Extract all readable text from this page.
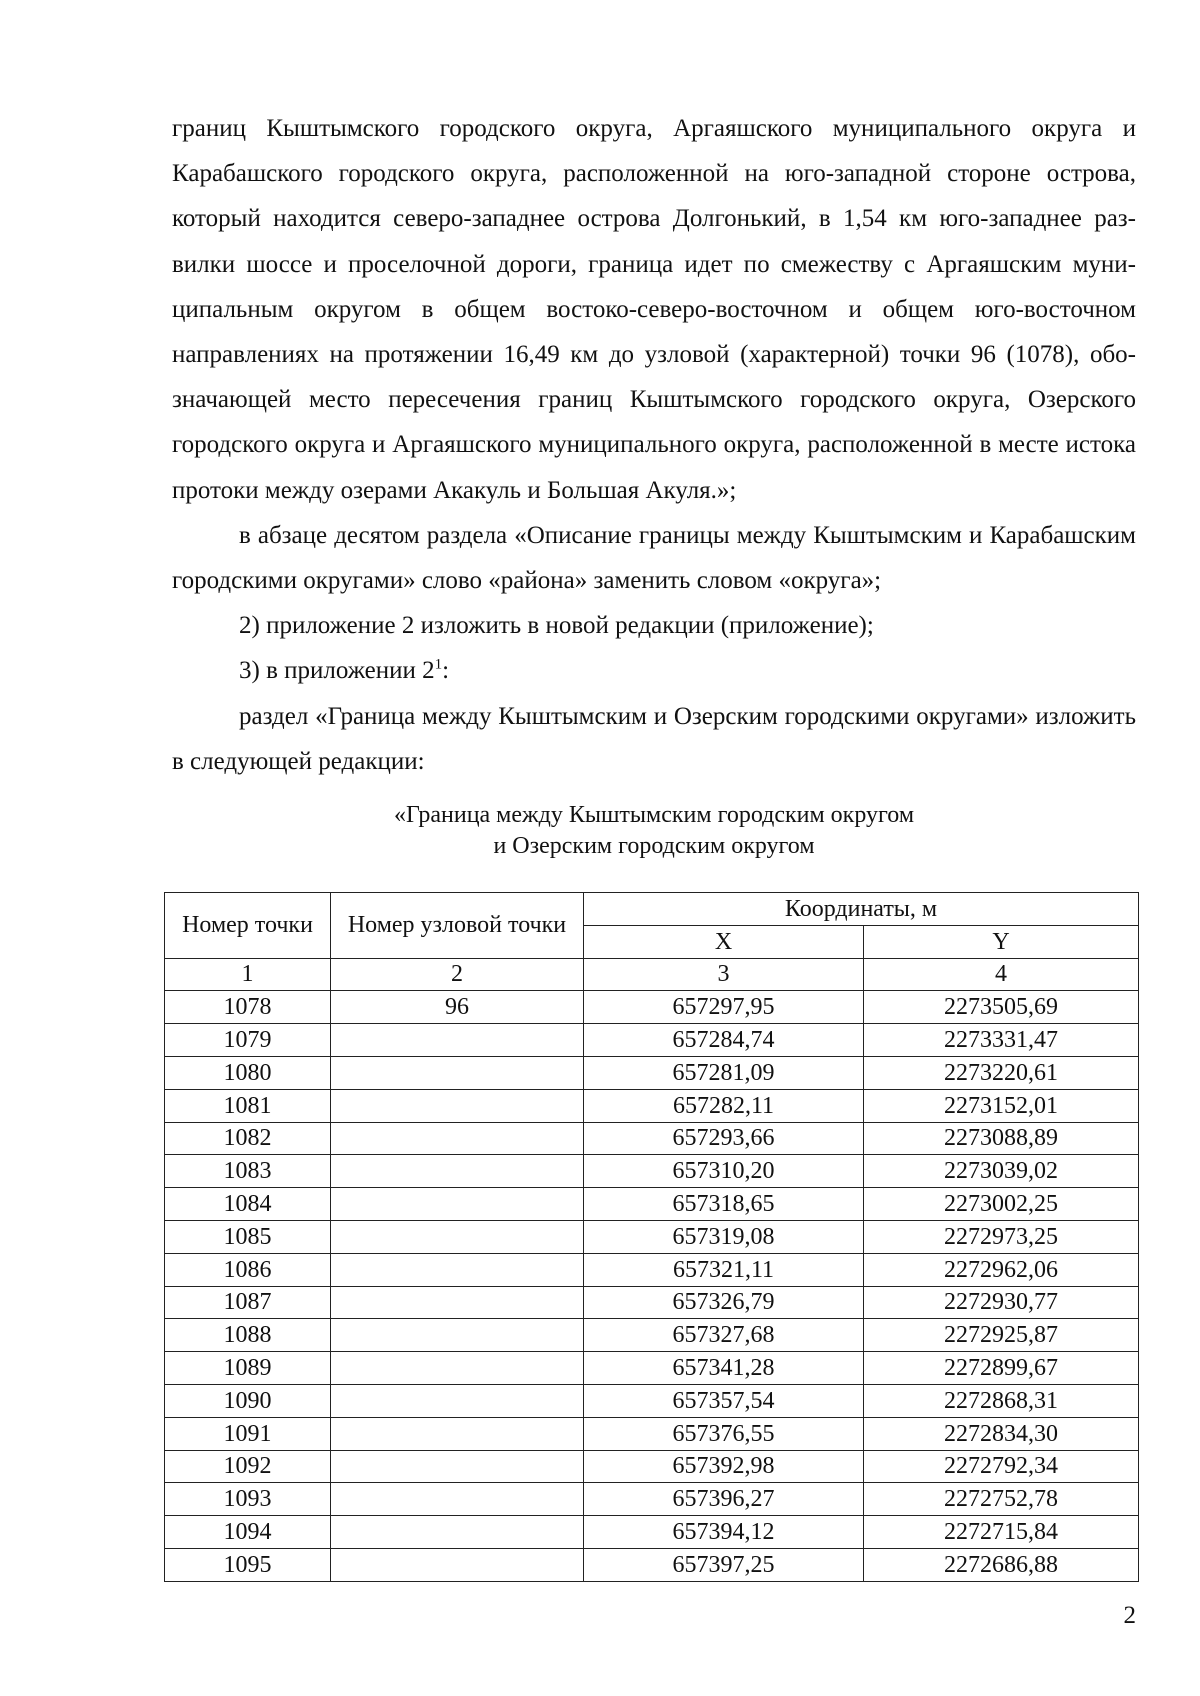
границ Кыштымского городского округа, Аргаяшского муниципального округа и Карабашского городского округа, расположенной на юго-западной стороне острова, который находится северо-западнее острова Долгонький, в 1,54 км юго-западнее развилки шоссе и проселочной дороги, граница идет по смежеству с Аргаяшским муниципальным округом в общем востоко-северо-восточном и общем юго-восточном направлениях на протяжении 16,49 км до узловой (характерной) точки 96 (1078), обозначающей место пересечения границ Кыштымского городского округа, Озерского городского округа и Аргаяшского муниципального округа, расположенной в месте истока протоки между озерами Акакуль и Большая Акуля.»;

в абзаце десятом раздела «Описание границы между Кыштымским и Карабашским городскими округами» слово «района» заменить словом «округа»;

2) приложение 2 изложить в новой редакции (приложение);

3) в приложении $2^1$:

раздел «Граница между Кыштымским и Озерским городскими округами» изложить в следующей редакции:

«Граница между Кыштымским городским округом
и Озерским городским округом
Номер точки	Номер узловой точки	Координаты, м	
		X	Y
1	2	3	4
1078	96	657297,95	2273505,69
1079		657284,74	2273331,47
1080		657281,09	2273220,61
1081		657282,11	2273152,01
1082		657293,66	2273088,89
1083		657310,20	2273039,02
1084		657318,65	2273002,25
1085		657319,08	2272973,25
1086		657321,11	2272962,06
1087		657326,79	2272930,77
1088		657327,68	2272925,87
1089		657341,28	2272899,67
1090		657357,54	2272868,31
1091		657376,55	2272834,30
1092		657392,98	2272792,34
1093		657396,27	2272752,78
1094		657394,12	2272715,84
1095		657397,25	2272686,88
2
